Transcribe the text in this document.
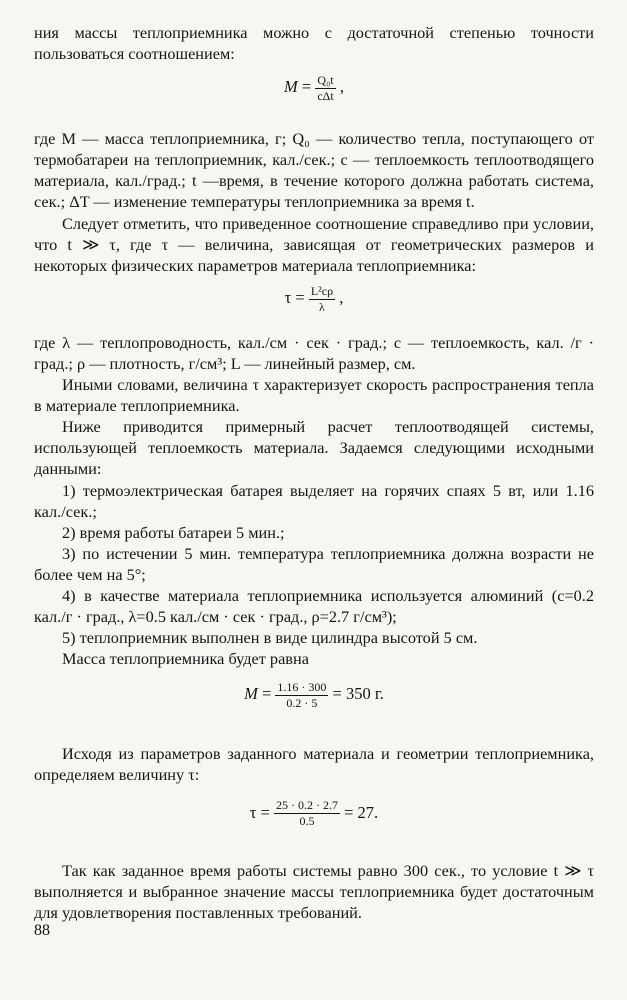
ния массы теплоприемника можно с достаточной степенью точности пользоваться соотношением:

$M = \frac{\text{Q₀t}}{\text{cΔt}}$ ,

где M — масса теплоприемника, г; Q₀ — количество тепла, поступающего от термобатареи на теплоприемник, кал./сек.; c — теплоемкость теплоотводящего материала, кал./град.; t —время, в течение которого должна работать система, сек.; ΔT — изменение температуры теплоприемника за время t.

Следует отметить, что приведенное соотношение справедливо при условии, что t ≫ τ, где τ — величина, зависящая от геометрических размеров и некоторых физических параметров материала теплоприемника:

$\tau = \frac{\text{L²cρ}}{\lambda}$ ,

где λ — теплопроводность, кал./см · сек · град.; c — теплоемкость, кал. /г · град.; ρ — плотность, г/см³; L — линейный размер, см.

Иными словами, величина τ характеризует скорость распространения тепла в материале теплоприемника.

Ниже приводится примерный расчет теплоотводящей системы, использующей теплоемкость материала. Задаемся следующими исходными данными:

1) термоэлектрическая батарея выделяет на горячих спаях 5 вт, или 1.16 кал./сек.;

2) время работы батареи 5 мин.;

3) по истечении 5 мин. температура теплоприемника должна возрасти не более чем на 5°;

4) в качестве материала теплоприемника используется алюминий (c=0.2 кал./г · град., λ=0.5 кал./см · сек · град., ρ=2.7 г/см³);

5) теплоприемник выполнен в виде цилиндра высотой 5 см.

Масса теплоприемника будет равна

$M = \frac{1.16 \cdot 300}{0.2 \cdot 5} = 350$ г.

Исходя из параметров заданного материала и геометрии теплоприемника, определяем величину τ:

$\tau = \frac{25 \cdot 0.2 \cdot 2.7}{0.5} = 27$.

Так как заданное время работы системы равно 300 сек., то условие t ≫ τ выполняется и выбранное значение массы теплоприемника будет достаточным для удовлетворения поставленных требований.

88
